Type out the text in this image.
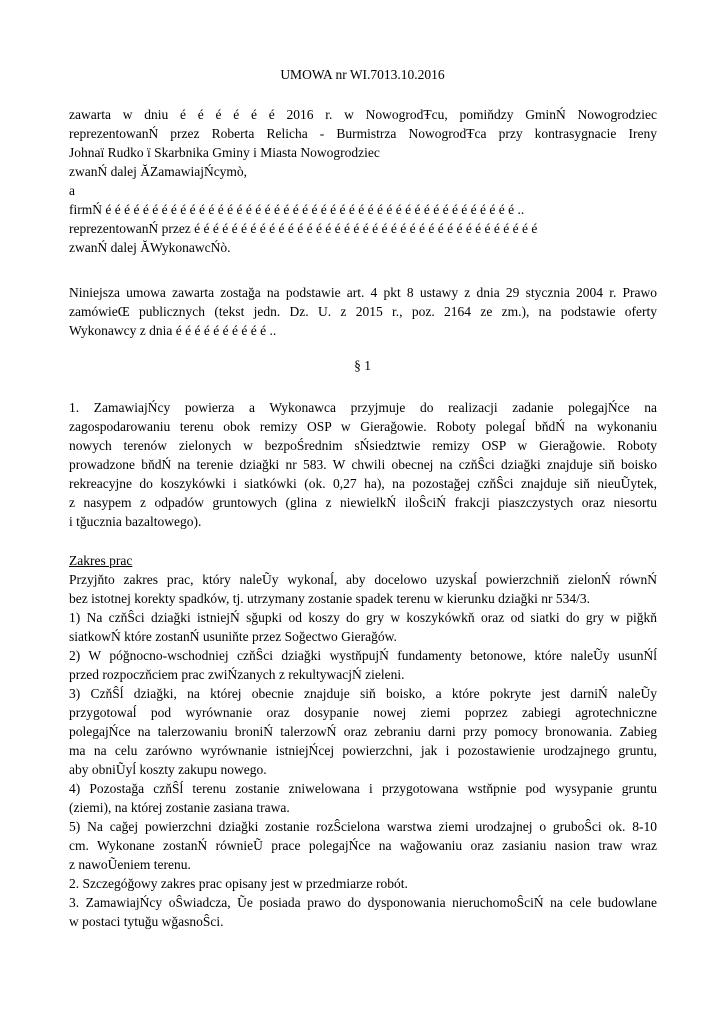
UMOWA nr WI.7013.10.2016
zawarta w dniu é é é é é é 2016 r. w NowogrodŦcu, pomiňdzy GminŃ Nowogrodziec
reprezentowanŃ przez Roberta Relicha - Burmistrza NowogrodŦca przy kontrasygnacie Ireny
Johnaï Rudko ï Skarbnika Gminy i Miasta Nowogrodziec
zwanŃ dalej ĂZamawiajŃcymò,
a
firmŃ é é é é é é é é é é é é é é é é é é é é é é é é é é é é é é é é é é é é é é é é é é é é ..
reprezentowanŃ przez é é é é é é é é é é é é é é é é é é é é é é é é é é é é é é é é é é é é é
zwanŃ dalej ĂWykonawcŃò.
Niniejsza umowa zawarta zostağa na podstawie art. 4 pkt 8 ustawy z dnia 29 stycznia 2004 r. Prawo
zamówieŒ publicznych (tekst jedn. Dz. U. z 2015 r., poz. 2164 ze zm.), na podstawie oferty
Wykonawcy z dnia é é é é é é é é é é ..
§ 1
1. ZamawiajŃcy powierza a Wykonawca przyjmuje do realizacji zadanie polegajŃce na
zagospodarowaniu terenu obok remizy OSP w Gierağowie. Roboty polegaĺ bňdŃ na wykonaniu
nowych terenów zielonych w bezpoŚrednim sŃsiedztwie remizy OSP w Gierağowie. Roboty
prowadzone bňdŃ na terenie dziağki nr 583. W chwili obecnej na czňŜci dziağki znajduje siň boisko
rekreacyjne do koszykówki i siatkówki (ok. 0,27 ha), na pozostağej czňŜci znajduje siň nieuŨytek,
z nasypem z odpadów gruntowych (glina z niewielkŃ iloŜciŃ frakcji piaszczystych oraz niesortu
i tğucznia bazaltowego).
Zakres prac
Przyjňto zakres prac, który naleŨy wykonaĺ, aby docelowo uzyskaĺ powierzchniň zielonŃ równŃ
bez istotnej korekty spadków, tj. utrzymany zostanie spadek terenu w kierunku dziağki nr 534/3.
1) Na czňŜci dziağki istniejŃ sğupki od koszy do gry w koszykówkň oraz od siatki do gry w piğkň
siatkowŃ które zostanŃ usuniňte przez Soğectwo Gierağów.
2) W póğnocno-wschodniej czňŜci dziağki wystňpujŃ fundamenty betonowe, które naleŨy usunŃĺ
przed rozpoczňciem prac zwiŃzanych z rekultywacjŃ zieleni.
3) CzňŜĺ dziağki, na której obecnie znajduje siň boisko, a które pokryte jest darniŃ naleŨy
przygotowaĺ pod wyrównanie oraz dosypanie nowej ziemi poprzez zabiegi agrotechniczne
polegajŃce na talerzowaniu broniŃ talerzowŃ oraz zebraniu darni przy pomocy bronowania. Zabieg
ma na celu zarówno wyrównanie istniejŃcej powierzchni, jak i pozostawienie urodzajnego gruntu,
aby obniŨyĺ koszty zakupu nowego.
4) Pozostağa czňŜĺ terenu zostanie zniwelowana i przygotowana wstňpnie pod wysypanie gruntu
(ziemi), na której zostanie zasiana trawa.
5) Na cağej powierzchni dziağki zostanie rozŜcielona warstwa ziemi urodzajnej o gruboŜci ok. 8-10
cm. Wykonane zostanŃ równieŨ prace polegajŃce na wağowaniu oraz zasianiu nasion traw wraz
z nawoŨeniem terenu.
2. Szczegóğowy zakres prac opisany jest w przedmiarze robót.
3. ZamawiajŃcy oŜwiadcza, Ũe posiada prawo do dysponowania nieruchomoŜciŃ na cele budowlane
w postaci tytuğu wğasnoŜci.
